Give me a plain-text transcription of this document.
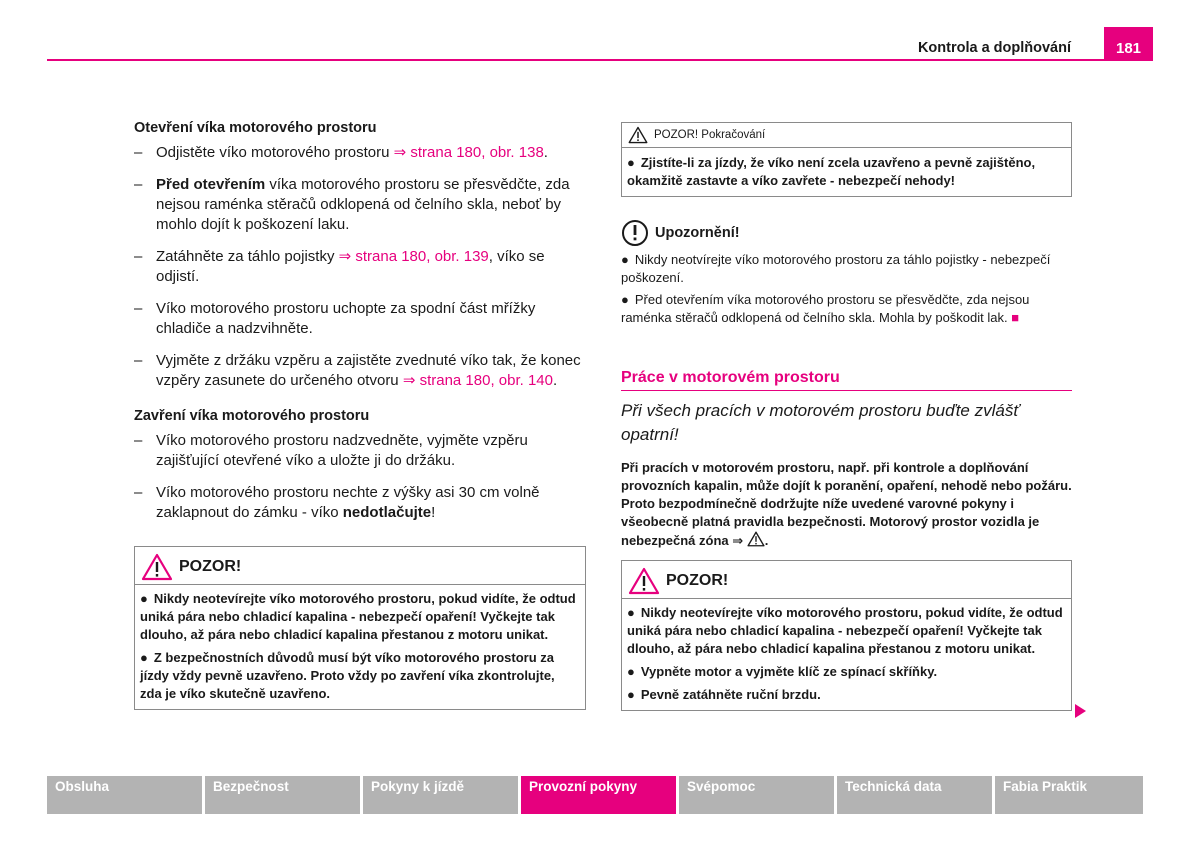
Kontrola a doplňování	181
Otevření víka motorového prostoru
– Odjistěte víko motorového prostoru ⇒ strana 180, obr. 138.
– Před otevřením víka motorového prostoru se přesvědčte, zda nejsou raménka stěračů odklopená od čelního skla, neboť by mohlo dojít k poškození laku.
– Zatáhněte za táhlo pojistky ⇒ strana 180, obr. 139, víko se odjistí.
– Víko motorového prostoru uchopte za spodní část mřížky chladiče a nadzvihněte.
– Vyjměte z držáku vzpěru a zajistěte zvednuté víko tak, že konec vzpěry zasunete do určeného otvoru ⇒ strana 180, obr. 140.
Zavření víka motorového prostoru
– Víko motorového prostoru nadzvedněte, vyjměte vzpěru zajišťující otevřené víko a uložte ji do držáku.
– Víko motorového prostoru nechte z výšky asi 30 cm volně zaklapnout do zámku - víko nedotlačujte!
POZOR!

● Nikdy neotevírejte víko motorového prostoru, pokud vidíte, že odtud uniká pára nebo chladicí kapalina - nebezpečí opaření! Vyčkejte tak dlouho, až pára nebo chladicí kapalina přestanou z motoru unikat.

● Z bezpečnostních důvodů musí být víko motorového prostoru za jízdy vždy pevně uzavřeno. Proto vždy po zavření víka zkontrolujte, zda je víko skutečně uzavřeno.

POZOR! Pokračování

● Zjistíte-li za jízdy, že víko není zcela uzavřeno a pevně zajištěno, okamžitě zastavte a víko zavřete - nebezpečí nehody!

Upozornění!

● Nikdy neotvírejte víko motorového prostoru za táhlo pojistky - nebezpečí poškození.

● Před otevřením víka motorového prostoru se přesvědčte, zda nejsou raménka stěračů odklopená od čelního skla. Mohla by poškodit lak. ■

Práce v motorovém prostoru
Při všech pracích v motorovém prostoru buďte zvlášť opatrní!

Při pracích v motorovém prostoru, např. při kontrole a doplňování provozních kapalin, může dojít k poranění, opaření, nehodě nebo požáru. Proto bezpodmínečně dodržujte níže uvedené varovné pokyny i všeobecně platná pravidla bezpečnosti. Motorový prostor vozidla je nebezpečná zóna ⇒ .

POZOR!

● Nikdy neotevírejte víko motorového prostoru, pokud vidíte, že odtud uniká pára nebo chladicí kapalina - nebezpečí opaření! Vyčkejte tak dlouho, až pára nebo chladicí kapalina přestanou z motoru unikat.

● Vypněte motor a vyjměte klíč ze spínací skříňky.

● Pevně zatáhněte ruční brzdu.

Obsluha	Bezpečnost	Pokyny k jízdě	Provozní pokyny	Svépomoc	Technická data	Fabia Praktik
